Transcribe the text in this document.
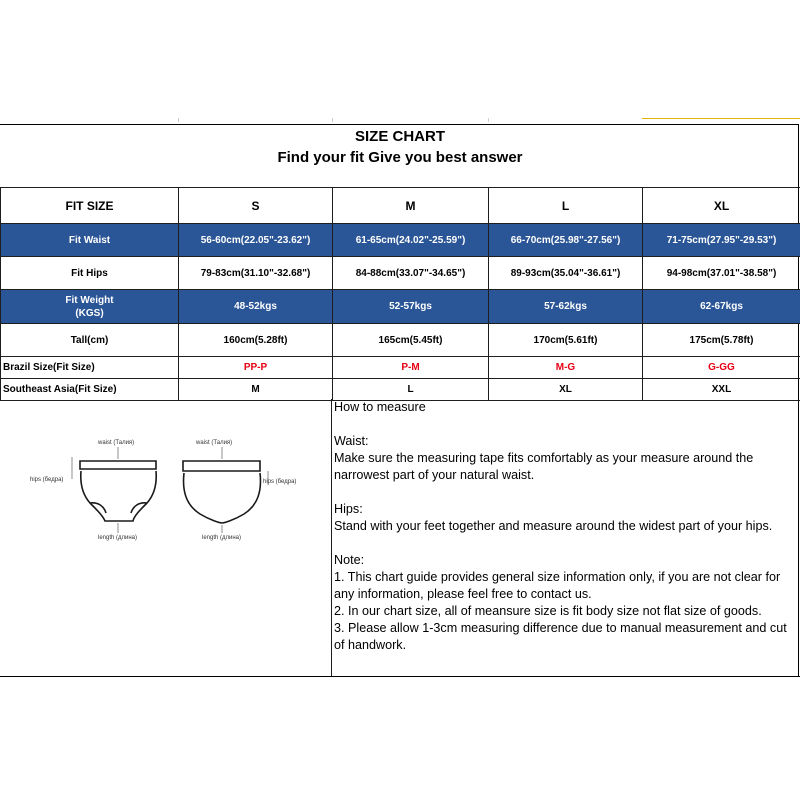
SIZE CHART
Find your fit Give you best answer
FIT SIZE	S	M	L	XL
Fit Waist	56-60cm(22.05"-23.62")	61-65cm(24.02"-25.59")	66-70cm(25.98"-27.56")	71-75cm(27.95"-29.53")
Fit Hips	79-83cm(31.10"-32.68")	84-88cm(33.07"-34.65")	89-93cm(35.04"-36.61")	94-98cm(37.01"-38.58")

Fit Weight
(KGS)	48-52kgs	52-57kgs	57-62kgs	62-67kgs
Tall(cm)	160cm(5.28ft)	165cm(5.45ft)	170cm(5.61ft)	175cm(5.78ft)
Brazil Size(Fit Size)	PP-P	P-M	M-G	G-GG
Southeast Asia(Fit Size)	M	L	XL	XXL
waist (Талия)
hips (бедра)
length (длина)
waist (Талия)
hips (бедра)
length (длина)

How to measure

Waist:

Make sure the measuring tape fits comfortably as your measure around the narrowest part of your natural waist.

Hips:

Stand with your feet together and measure around the widest part of your hips.

Note:

1. This chart guide provides general size information only, if you are not clear for any information, please feel free to contact us.

2. In our chart size, all of meansure size is fit body size not flat size of goods.

3. Please allow 1-3cm measuring difference due to manual measurement and cut of handwork.
